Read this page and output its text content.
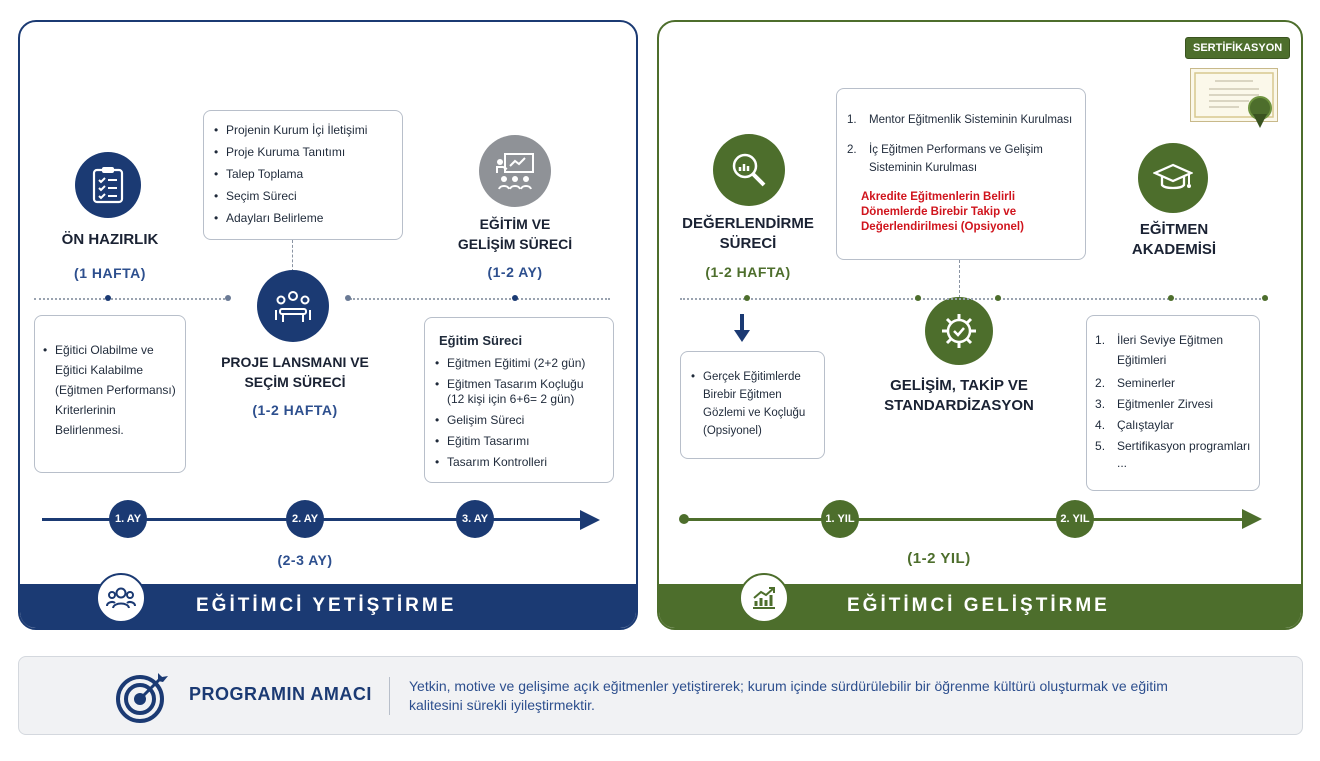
ÖN HAZIRLIK
(1 HAFTA)
• Eğitici Olabilme ve Eğitici Kalabilme (Eğitmen Performansı) Kriterlerinin Belirlenmesi.
• Projenin Kurum İçi İletişimi
• Proje Kuruma Tanıtımı
• Talep Toplama
• Seçim Süreci
• Adayları Belirleme
PROJE LANSMANI VE
SEÇİM SÜRECİ
(1-2 HAFTA)
EĞİTİM VE
GELİŞİM SÜRECİ
(1-2 AY)
Eğitim Süreci
• Eğitmen Eğitimi (2+2 gün)
• Eğitmen Tasarım Koçluğu (12 kişi için 6+6= 2 gün)
• Gelişim Süreci
• Eğitim Tasarımı
• Tasarım Kontrolleri
1. AY	2. AY	3. AY
(2-3 AY)
EĞİTİMCİ YETİŞTİRME
DEĞERLENDİRME
SÜRECİ
(1-2 HAFTA)
• Gerçek Eğitimlerde Birebir Eğitmen Gözlemi ve Koçluğu (Opsiyonel)
Mentor Eğitmenlik Sisteminin Kurulması
İç Eğitmen Performans ve Gelişim Sisteminin Kurulması
Akredite Eğitmenlerin Belirli Dönemlerde Birebir Takip ve Değerlendirilmesi (Opsiyonel)
GELİŞİM, TAKİP VE
STANDARDİZASYON
EĞİTMEN
AKADEMİSİ
İleri Seviye Eğitmen Eğitimleri
Seminerler
Eğitmenler Zirvesi
Çalıştaylar
Sertifikasyon programları
...
1. YIL	2. YIL
(1-2 YIL)
EĞİTİMCİ GELİŞTİRME
SERTİFİKASYON
PROGRAMIN AMACI	Yetkin, motive ve gelişime açık eğitmenler yetiştirerek; kurum içinde sürdürülebilir bir öğrenme kültürü oluşturmak ve eğitim kalitesini sürekli iyileştirmektir.
